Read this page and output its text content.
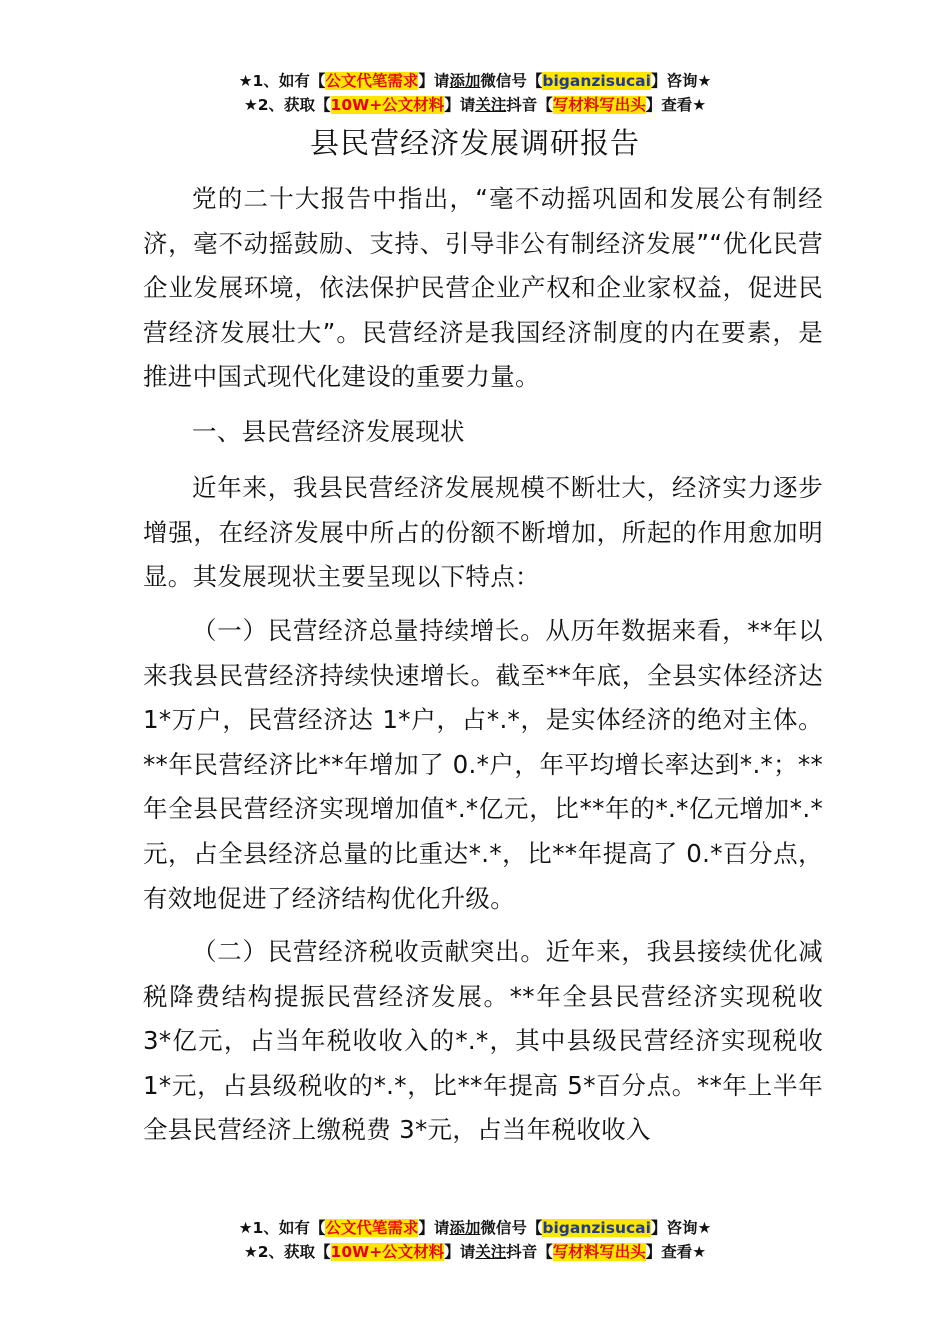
★1、如有【公文代笔需求】请添加微信号【biganzisucai】咨询★
★2、获取【10W+公文材料】请关注抖音【写材料写出头】查看★
县民营经济发展调研报告

党的二十大报告中指出，“毫不动摇巩固和发展公有制经济，毫不动摇鼓励、支持、引导非公有制经济发展”“优化民营企业发展环境，依法保护民营企业产权和企业家权益，促进民营经济发展壮大”。民营经济是我国经济制度的内在要素，是推进中国式现代化建设的重要力量。

一、县民营经济发展现状

近年来，我县民营经济发展规模不断壮大，经济实力逐步增强，在经济发展中所占的份额不断增加，所起的作用愈加明显。其发展现状主要呈现以下特点：

（一）民营经济总量持续增长。从历年数据来看，**年以来我县民营经济持续快速增长。截至**年底，全县实体经济达 1*万户，民营经济达 1*户，占*.*，是实体经济的绝对主体。**年民营经济比**年增加了 0.*户，年平均增长率达到*.*；**年全县民营经济实现增加值*.*亿元，比**年的*.*亿元增加*.*元，占全县经济总量的比重达*.*，比**年提高了 0.*百分点，有效地促进了经济结构优化升级。

（二）民营经济税收贡献突出。近年来，我县接续优化减税降费结构提振民营经济发展。**年全县民营经济实现税收 3*亿元，占当年税收收入的*.*，其中县级民营经济实现税收 1*元，占县级税收的*.*，比**年提高 5*百分点。**年上半年全县民营经济上缴税费 3*元，占当年税收收入

★1、如有【公文代笔需求】请添加微信号【biganzisucai】咨询★
★2、获取【10W+公文材料】请关注抖音【写材料写出头】查看★
